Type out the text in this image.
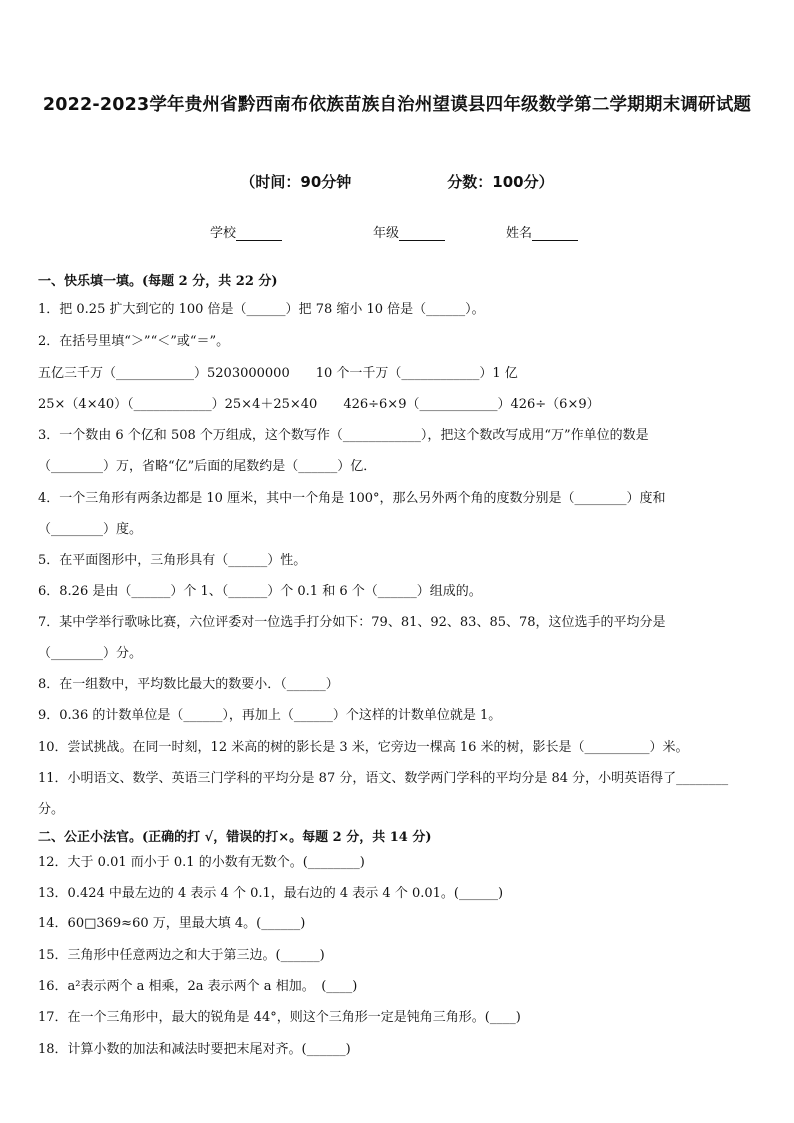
2022-2023学年贵州省黔西南布依族苗族自治州望谟县四年级数学第二学期期末调研试题
（时间：90分钟	分数：100分）
学校	年级	姓名
一、快乐填一填。(每题 2 分，共 22 分)
1．把 0.25 扩大到它的 100 倍是（______）把 78 缩小 10 倍是（______）。
2．在括号里填“＞”“＜”或“＝”。
五亿三千万（____________）5203000000　　10 个一千万（____________）1 亿
25×（4×40）（____________）25×4＋25×40　　426÷6×9（____________）426÷（6×9）
3．一个数由 6 个亿和 508 个万组成，这个数写作（____________），把这个数改写成用“万”作单位的数是
（________）万，省略“亿”后面的尾数约是（______）亿．
4．一个三角形有两条边都是 10 厘米，其中一个角是 100°，那么另外两个角的度数分别是（________）度和
（________）度。
5．在平面图形中，三角形具有（______）性。
6．8.26 是由（______）个 1、（______）个 0.1 和 6 个（______）组成的。
7．某中学举行歌咏比赛，六位评委对一位选手打分如下：79、81、92、83、85、78，这位选手的平均分是
（________）分。
8．在一组数中，平均数比最大的数要小．（______）
9．0.36 的计数单位是（______），再加上（______）个这样的计数单位就是 1。
10．尝试挑战。在同一时刻，12 米高的树的影长是 3 米，它旁边一棵高 16 米的树，影长是（__________）米。
11．小明语文、数学、英语三门学科的平均分是 87 分，语文、数学两门学科的平均分是 84 分，小明英语得了________
分。
二、公正小法官。(正确的打 √，错误的打×。每题 2 分，共 14 分)
12．大于 0.01 而小于 0.1 的小数有无数个。(________)
13．0.424 中最左边的 4 表示 4 个 0.1，最右边的 4 表示 4 个 0.01。(______)
14．60□369≈60 万，里最大填 4。(______)
15．三角形中任意两边之和大于第三边。(______)
16．a²表示两个 a 相乘，2a 表示两个 a 相加。　(____)
17．在一个三角形中，最大的锐角是 44°，则这个三角形一定是钝角三角形。(____)
18．计算小数的加法和减法时要把末尾对齐。(______)
